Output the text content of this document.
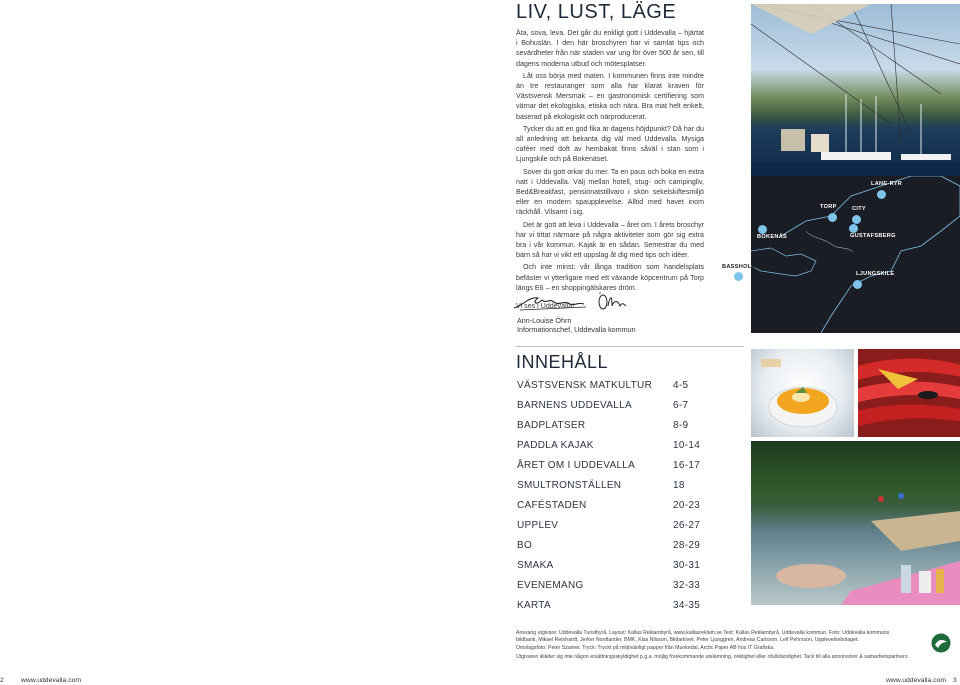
LIV, LUST, LÄGE

Äta, sova, leva. Det går du enkligt gott i Uddevalla – hjärtat i Bohuslän. I den här broschyren har vi samlat tips och sevärdheter från när staden var ung för över 500 år sen, till dagens moderna utbud och mötesplatser.

Låt oss börja med maten. I kommunen finns inte mindre än tre restauranger som alla har klarat kraven för Västsvensk Mersmak – en gastronomisk certifiering som värnar det ekologiska, etiska och nära. Bra mat helt enkelt, baserad på ekologiskt och närproducerat.

Tycker du att en god fika är dagens höjdpunkt? Då har du all anledning att bekanta dig väl med Uddevalla. Mysiga caféer med doft av hembakat finns såväl i stan som i Ljungskile och på Bokenäset.

Sover du gott orkar du mer. Ta en paus och boka en extra natt i Uddevalla. Välj mellan hotell, stug- och campingliv, Bed&Breakfast, pensionatstillvaro i skön sekelskiftesmiljö eller en modern spauppleveIse. Alltid med havet inom räckhåll. Vilsamt i sig.

Det är gott att leva i Uddevalla – året om. I årets broschyr har vi tittat närmare på några aktiviteter som gör sig extra bra i vår kommun. Kajak är en sådan. Semestrar du med barn så har vi vikt ett uppslag åt dig med tips och idéer.

Och inte minst: vår långa tradition som handelsplats befäster vi ytterligare med ett växande köpcentrum på Torp längs E6 – en shoppingälskares dröm.

Vi ses i Uddevalla!

Ann-Louise Öhrn
Informationschef, Uddevalla kommun
LANE-RYR
TORP	CITY
BOKENÄS	GUSTAFSBERG
LJUNGSKILE
BASSHOLMEN
INNEHÅLL
VÄSTSVENSK MATKULTUR 4-5
BARNENS UDDEVALLA	6-7
BADPLATSER	8-9
PADDLA KAJAK	10-14
ÅRET OM I UDDEVALLA	16-17
SMULTRONSTÄLLEN	18
CAFÉSTADEN	20-23
UPPLEV	26-27
BO	28-29
SMAKA	30-31
EVENEMANG	32-33
KARTA	34-35
Ansvarig utgivare: Uddevalla Turistbyrå. Layout: Kallas Reklambyrå, www.kallasreklam.se Text: Kallas Reklambyrå, Uddevalla kommun. Foto: Uddevalla kommuns
bildbank, Mikael Reinhardt, Jerker Nordlander, BMK, Klas Nilsson, Bildarkivet, Peter Ljunggren, Andreas Carlsson, Leif Pehrsson, Upplevelsebolaget.
Omslagsfoto: Peter Szamer. Tryck: Tryckt på miljövänligt papper från Munkedal, Arctic Paper AB hos IT Grafiska.
Utgivaren ikläder sig inte någon ersättningsskyldighet p.g.a. möjlig förekommande utelämning, oriktighet eller ofullständighet. Tack till alla annonsörer & samarbetspartners.
2	www.uddevalla.com	www.uddevalla.com 3
